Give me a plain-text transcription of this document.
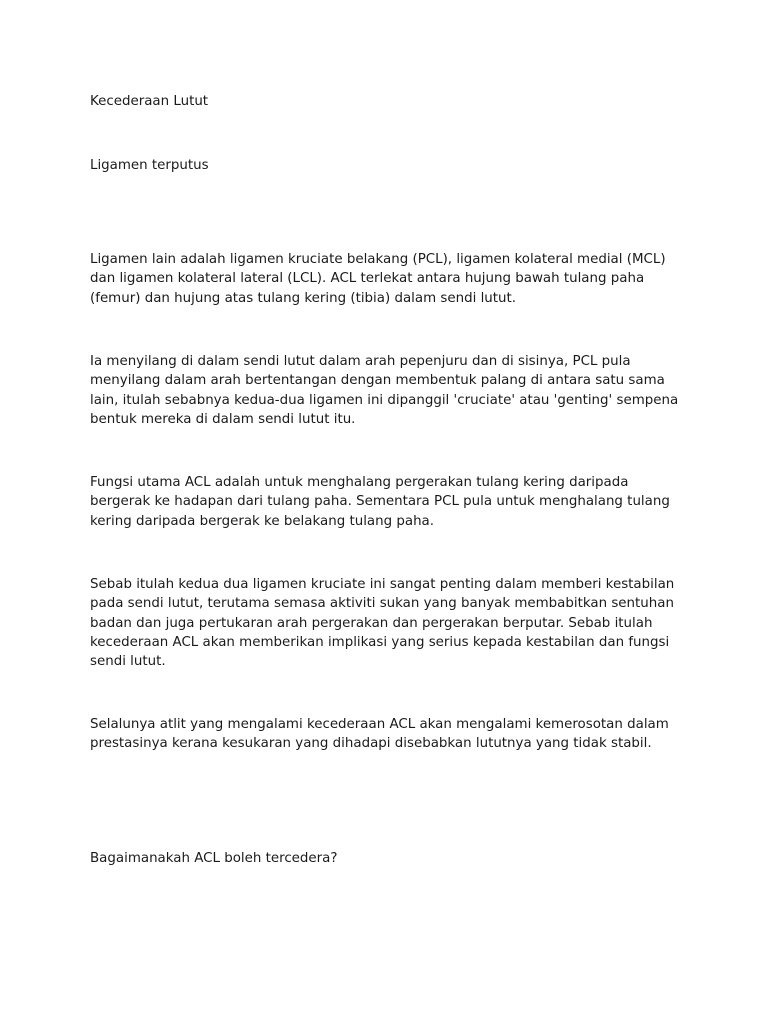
Kecederaan Lutut

Ligamen terputus

Ligamen lain adalah ligamen kruciate belakang (PCL), ligamen kolateral medial (MCL) dan ligamen kolateral lateral (LCL). ACL terlekat antara hujung bawah tulang paha (femur) dan hujung atas tulang kering (tibia) dalam sendi lutut.

Ia menyilang di dalam sendi lutut dalam arah pepenjuru dan di sisinya, PCL pula menyilang dalam arah bertentangan dengan membentuk palang di antara satu sama lain, itulah sebabnya kedua-dua ligamen ini dipanggil 'cruciate' atau 'genting' sempena bentuk mereka di dalam sendi lutut itu.

Fungsi utama ACL adalah untuk menghalang pergerakan tulang kering daripada bergerak ke hadapan dari tulang paha. Sementara PCL pula untuk menghalang tulang kering daripada bergerak ke belakang tulang paha.

Sebab itulah kedua dua ligamen kruciate ini sangat penting dalam memberi kestabilan pada sendi lutut, terutama semasa aktiviti sukan yang banyak membabitkan sentuhan badan dan juga pertukaran arah pergerakan dan pergerakan berputar. Sebab itulah kecederaan ACL akan memberikan implikasi yang serius kepada kestabilan dan fungsi sendi lutut.

Selalunya atlit yang mengalami kecederaan ACL akan mengalami kemerosotan dalam prestasinya kerana kesukaran yang dihadapi disebabkan lututnya yang tidak stabil.

Bagaimanakah ACL boleh tercedera?
